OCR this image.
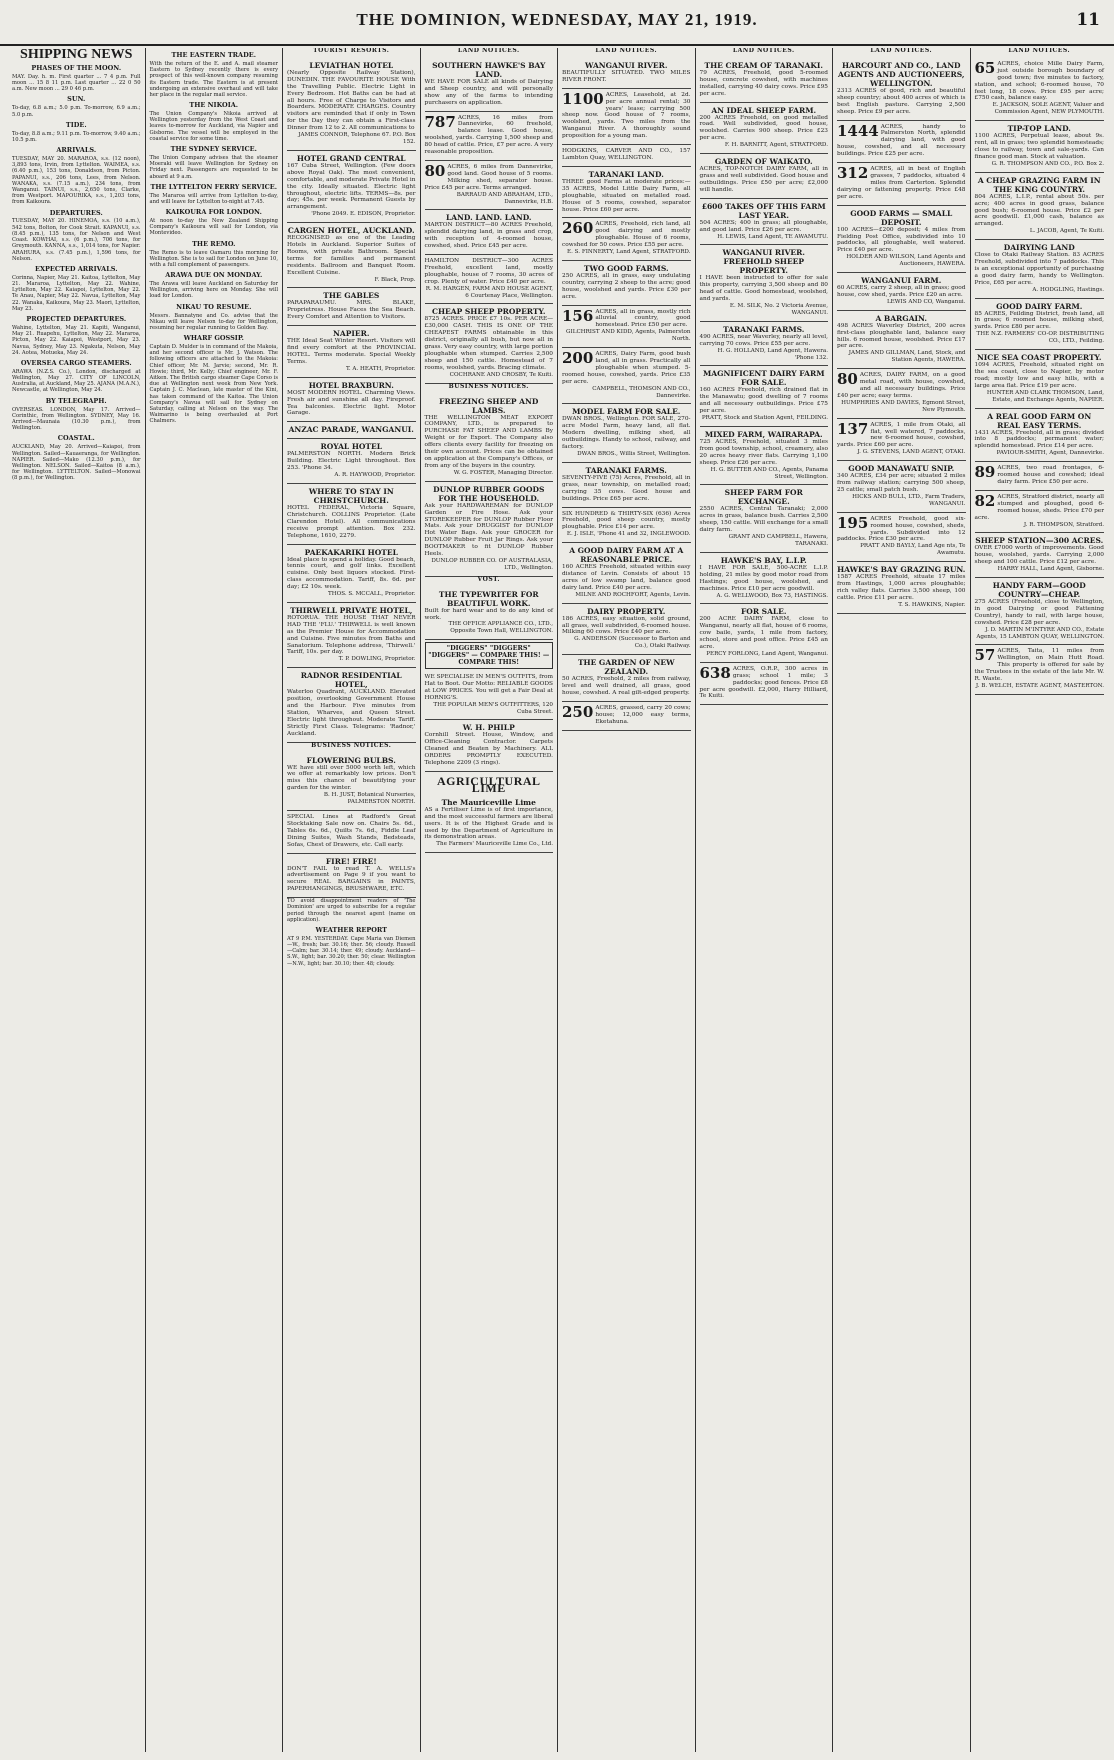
THE DOMINION, WEDNESDAY, MAY 21, 1919.	11
SHIPPING NEWS
PHASES OF THE MOON.
MAY. Day. h. m. First quarter ... 7 4 p.m. Full moon ... 15 8 11 p.m. Last quarter ... 22 0 50 a.m. New moon ... 29 0 46 p.m.
SUN.
To-day, 6.8 a.m.; 5.0 p.m. To-morrow, 6.9 a.m.; 5.0 p.m.
TIDE.
To-day, 8.8 a.m.; 9.11 p.m. To-morrow, 9.40 a.m.; 10.5 p.m.
ARRIVALS.
TUESDAY, MAY 20. MARAROA, s.s. (12 noon), 3,893 tons, Irvin, from Lyttelton. WAIMEA, s.s. (6.40 p.m.), 153 tons, Donaldson, from Picton. PAPANUI, s.s., 206 tons, Lees, from Nelson. WANAKA, s.s. (7.15 a.m.), 234 tons, from Wanganui. TAINUI, s.s., 2,650 tons, Clarke, from Westport. MAPOURIKA, s.s., 1,203 tons, from Kaikoura.
DEPARTURES.
TUESDAY, MAY 20. HINEMOA, s.s. (10 a.m.), 542 tons, Bolton, for Cook Strait. KAPANUI, s.s. (8.45 p.m.), 135 tons, for Nelson and West Coast. KOWHAI, s.s. (6 p.m.), 706 tons, for Greymouth. KANNA, s.s., 1,014 tons, for Napier. ARAHURA, s.s. (7.45 p.m.), 1,596 tons, for Nelson.
EXPECTED ARRIVALS.
Corinna, Napier, May 21. Kaitoa, Lyttelton, May 21. Mararoa, Lyttelton, May 22. Wahine, Lyttelton, May 22. Kaiapoi, Lyttelton, May 22. Te Anau, Napier, May 22. Navua, Lyttelton, May 22. Wanaka, Kaikoura, May 23. Maori, Lyttelton, May 23.
PROJECTED DEPARTURES.
Wahine, Lyttelton, May 21. Kapiti, Wanganui, May 21. Ruapehu, Lyttelton, May 22. Mararoa, Picton, May 22. Kaiapoi, Westport, May 23. Navua, Sydney, May 23. Ngakuta, Nelson, May 24. Aotea, Motueka, May 24.
OVERSEA CARGO STEAMERS.
ARAWA (N.Z.S. Co.), London, discharged at Wellington, May 27. CITY OF LINCOLN, Australia, at Auckland, May 25. AJANA (M.A.N.), Newcastle, at Wellington, May 24.
BY TELEGRAPH.
OVERSEAS. LONDON, May 17. Arrived—Corinthic, from Wellington. SYDNEY, May 16. Arrived—Maunaia (10.30 p.m.), from Wellington.
COASTAL.
AUCKLAND, May 20. Arrived—Kaiapoi, from Wellington. Sailed—Kauaeranga, for Wellington. NAPIER. Sailed—Mako (12.30 p.m.), for Wellington. NELSON. Sailed—Kaitoa (8 a.m.), for Wellington. LYTTELTON. Sailed—Monowai (8 p.m.), for Wellington.
THE EASTERN TRADE.
With the return of the E. and A. mail steamer Eastern to Sydney recently there is every prospect of this well-known company resuming its Eastern trade. The Eastern is at present undergoing an extensive overhaul and will take her place in the regular mail service.
THE NIKOIA.
The Union Company's Nikoia arrived at Wellington yesterday from the West Coast and leaves to-morrow for Auckland, via Napier and Gisborne. The vessel will be employed in the coastal service for some time.
THE SYDNEY SERVICE.
The Union Company advises that the steamer Moeraki will leave Wellington for Sydney on Friday next. Passengers are requested to be aboard at 9 a.m.
THE LYTTELTON FERRY SERVICE.
The Mararoa will arrive from Lyttelton to-day, and will leave for Lyttelton to-night at 7.45.
KAIKOURA FOR LONDON.
At noon to-day the New Zealand Shipping Company's Kaikoura will sail for London, via Montevideo.
THE REMO.
The Remo is to leave Oamaru this morning for Wellington. She is to sail for London on June 10, with a full complement of passengers.
ARAWA DUE ON MONDAY.
The Arawa will leave Auckland on Saturday for Wellington, arriving here on Monday. She will load for London.
NIKAU TO RESUME.
Messrs. Bannatyne and Co. advise that the Nikau will leave Nelson to-day for Wellington, resuming her regular running to Golden Bay.
WHARF GOSSIP.
Captain D. Mulder is in command of the Makoia, and her second officer is Mr. J. Watson. The following officers are attached to the Makoia: Chief officer, Mr. M. Jarvie; second, Mr. R. Howie; third, Mr. Kelly; Chief engineer, Mr. F. Aitken. The British cargo steamer Cape Corso is due at Wellington next week from New York. Captain J. C. Maclean, late master of the Kini, has taken command of the Kaitoa. The Union Company's Navua will sail for Sydney on Saturday, calling at Nelson on the way. The Waimarino is being overhauled at Port Chalmers.
TOURIST RESORTS.
LEVIATHAN HOTEL
(Nearly Opposite Railway Station), DUNEDIN. THE FAVOURITE HOUSE With the Travelling Public. Electric Light in Every Bedroom. Hot Baths can be had at all hours. Free of Charge to Visitors and Boarders. MODERATE CHARGES. Country visitors are reminded that if only in Town for the Day they can obtain a First-class Dinner from 12 to 2. All communications to
JAMES CONNOR, Telephone 67. P.O. Box 152.
HOTEL GRAND CENTRAL
167 Cuba Street, Wellington. (Few doors above Royal Oak). The most convenient, comfortable, and moderate Private Hotel in the city. Ideally situated. Electric light throughout, electric lifts. TERMS—8s. per day; 45s. per week. Permanent Guests by arrangement.
'Phone 2049. E. EDISON, Proprietor.
CARGEN HOTEL, AUCKLAND.
RECOGNISED as one of the Leading Hotels in Auckland. Superior Suites of Rooms, with private Bathroom. Special terms for families and permanent residents. Ballroom and Banquet Room. Excellent Cuisine.
F. Black, Prop.
THE GABLES
PARAPARAUMU. MRS. BLAKE, Proprietress. House Faces the Sea Beach. Every Comfort and Attention to Visitors.
NAPIER.
THE Ideal Seat Winter Resort. Visitors will find every comfort at the PROVINCIAL HOTEL. Terms moderate. Special Weekly Terms.
T. A. HEATH, Proprietor.
HOTEL BRAXBURN.
MOST MODERN HOTEL. Charming Views. Fresh air and sunshine all day. Fireproof. Tea balconies. Electric light. Motor Garage.
ANZAC PARADE, WANGANUI.
ROYAL HOTEL
PALMERSTON NORTH. Modern Brick Building. Electric Light throughout. Box 253. 'Phone 34.
A. R. HAYWOOD, Proprietor.
WHERE TO STAY IN CHRISTCHURCH.
HOTEL FEDERAL, Victoria Square, Christchurch. COLLINS Proprietor. (Late Clarendon Hotel). All communications receive prompt attention. Box 232. Telephone, 1610, 2279.
PAEKAKARIKI HOTEL
Ideal place to spend a holiday. Good beach, tennis court, and golf links. Excellent cuisine. Only best liquors stocked. First-class accommodation. Tariff, 8s. 6d. per day; £2 10s. week.
THOS. S. MCCALL, Proprietor.
THIRWELL PRIVATE HOTEL,
ROTORUA. THE HOUSE THAT NEVER HAD THE 'FLU.' THIRWELL is well known as the Premier House for Accommodation and Cuisine. Five minutes from Baths and Sanatorium. Telephone address, 'Thirwell.' Tariff, 10s. per day.
T. P. DOWLING, Proprietor.
RADNOR RESIDENTIAL HOTEL,
Waterloo Quadrant, AUCKLAND. Elevated position, overlooking Government House and the Harbour. Five minutes from Station, Wharves, and Queen Street. Electric light throughout. Moderate Tariff. Strictly First Class. Telegrams: 'Radnor,' Auckland.
BUSINESS NOTICES.
FLOWERING BULBS.
WE have still over 5000 worth left, which we offer at remarkably low prices. Don't miss this chance of beautifying your garden for the winter.
B. H. JUST, Botanical Nurseries, PALMERSTON NORTH.
SPECIAL Lines at Radford's Great Stocktaking Sale now on. Chairs 5s. 6d., Tables 6s. 6d., Quilts 7s. 6d., Fiddle Leaf Dining Suites, Wash Stands, Bedsteads, Sofas, Chest of Drawers, etc. Call early.
FIRE! FIRE!
DON'T FAIL to read T. A. WELLS's advertisement on Page 9 if you want to secure REAL BARGAINS in PAINTS, PAPERHANGINGS, BRUSHWARE, ETC.
TO avoid disappointment readers of 'The Dominion' are urged to subscribe for a regular period through the nearest agent (name on application).
WEATHER REPORT
AT 9 P.M. YESTERDAY. Cape Maria van Diemen—W., fresh; bar. 30.16; ther. 56; cloudy. Russell—Calm; bar. 30.14; ther. 49; cloudy. Auckland—S.W., light; bar. 30.20; ther. 50; clear. Wellington—N.W., light; bar. 30.10; ther. 48; cloudy.
LAND NOTICES.
SOUTHERN HAWKE'S BAY LAND.
WE HAVE FOR SALE all kinds of Dairying and Sheep country, and will personally show any of the farms to intending purchasers on application.
787 ACRES, 16 miles from Dannevirke, 60 freehold, balance lease. Good house, woolshed, yards. Carrying 1,500 sheep and 80 head of cattle. Price, £7 per acre. A very reasonable proposition.
80 ACRES, 6 miles from Dannevirke, good land. Good house of 5 rooms. Milking shed, separator house. Price £45 per acre. Terms arranged.
BARRAUD AND ABRAHAM, LTD., Dannevirke, H.B.
LAND. LAND. LAND.
MARTON DISTRICT—80 ACRES Freehold, splendid dairying land, in grass and crop, with reception of 4-roomed house, cowshed, shed. Price £45 per acre.
HAMILTON DISTRICT—300 ACRES Freehold, excellent land, mostly ploughable, house of 7 rooms, 30 acres of crop. Plenty of water. Price £40 per acre.
R. M. HARGEN, FARM AND HOUSE AGENT, 6 Courtenay Place, Wellington.
CHEAP SHEEP PROPERTY.
8725 ACRES. PRICE £7 10s. PER ACRE—£30,000 CASH. THIS IS ONE OF THE CHEAPEST FARMS obtainable in this district, originally all bush, but now all in grass. Very easy country, with large portion ploughable when stumped. Carries 2,500 sheep and 150 cattle. Homestead of 7 rooms, woolshed, yards. Bracing climate.
COCHRANE AND CROSBY, Te Kuiti.
BUSINESS NOTICES.
FREEZING SHEEP AND LAMBS.
THE WELLINGTON MEAT EXPORT COMPANY, LTD., is prepared to PURCHASE FAT SHEEP AND LAMBS By Weight or for Export. The Company also offers clients every facility for freezing on their own account. Prices can be obtained on application at the Company's Offices, or from any of the buyers in the country.
W. G. FOSTER, Managing Director.
DUNLOP RUBBER GOODS FOR THE HOUSEHOLD.
Ask your HARDWAREMAN for DUNLOP Garden or Fire Hose. Ask your STOREKEEPER for DUNLOP Rubber Floor Mats. Ask your DRUGGIST for DUNLOP Hot Water Bags. Ask your GROCER for DUNLOP Rubber Fruit Jar Rings. Ask your BOOTMAKER to fit DUNLOP Rubber Heels.
DUNLOP RUBBER CO. OF AUSTRALASIA, LTD., Wellington.
VOST.
THE TYPEWRITER FOR BEAUTIFUL WORK.
Built for hard wear and to do any kind of work.
THE OFFICE APPLIANCE CO., LTD., Opposite Town Hall, WELLINGTON.
"DIGGERS" "DIGGERS" "DIGGERS" — COMPARE THIS! — COMPARE THIS!
WE SPECIALISE IN MEN'S OUTFITS, from Hat to Boot. Our Motto: RELIABLE GOODS at LOW PRICES. You will get a Fair Deal at HORNIG'S.
THE POPULAR MEN'S OUTFITTERS, 120 Cuba Street.
W. H. PHILP
Cornhill Street. House, Window, and Office-Cleaning Contractor. Carpets Cleaned and Beaten by Machinery. ALL ORDERS PROMPTLY EXECUTED. Telephone 2209 (3 rings).
AGRICULTURAL LIME
The Mauriceville Lime
AS a Fertiliser Lime is of first importance, and the most successful farmers are liberal users. It is of the Highest Grade and is used by the Department of Agriculture in its demonstration areas.
The Farmers' Mauriceville Lime Co., Ltd.
LAND NOTICES.
WANGANUI RIVER.
BEAUTIFULLY SITUATED. TWO MILES RIVER FRONT.
1100 ACRES, Leasehold, at 2d. per acre annual rental; 30 years' lease; carrying 500 sheep now. Good house of 7 rooms, woolshed, yards. Two miles from the Wanganui River. A thoroughly sound proposition for a young man.
HODGKINS, CARVER AND CO., 157 Lambton Quay, WELLINGTON.
TARANAKI LAND.
THREE good Farms at moderate prices:— 35 ACRES, Model Little Dairy Farm, all ploughable, situated on metalled road. House of 5 rooms, cowshed, separator house. Price £60 per acre.
260 ACRES, Freehold, rich land, all good dairying and mostly ploughable. House of 6 rooms, cowshed for 50 cows. Price £55 per acre.
E. S. FINNERTY, Land Agent, STRATFORD.
TWO GOOD FARMS.
250 ACRES, all in grass, easy undulating country, carrying 2 sheep to the acre; good house, woolshed and yards. Price £30 per acre.
156 ACRES, all in grass, mostly rich alluvial country, good homestead. Price £50 per acre.
GILCHRIST AND KIDD, Agents, Palmerston North.
200 ACRES, Dairy Farm, good bush land, all in grass. Practically all ploughable when stumped. 5-roomed house, cowshed, yards. Price £35 per acre.
CAMPBELL, THOMSON AND CO., Dannevirke.
MODEL FARM FOR SALE.
DWAN BROS., Wellington. FOR SALE, 270-acre Model Farm, heavy land, all flat. Modern dwelling, milking shed, all outbuildings. Handy to school, railway, and factory.
DWAN BROS., Willis Street, Wellington.
TARANAKI FARMS.
SEVENTY-FIVE (75) Acres, Freehold, all in grass, near township, on metalled road; carrying 35 cows. Good house and buildings. Price £65 per acre.
SIX HUNDRED & THIRTY-SIX (636) Acres Freehold, good sheep country, mostly ploughable. Price £14 per acre.
E. J. ISLE, 'Phone 41 and 32, INGLEWOOD.
A GOOD DAIRY FARM AT A REASONABLE PRICE.
160 ACRES Freehold, situated within easy distance of Levin. Consists of about 15 acres of low swamp land, balance good dairy land. Price £40 per acre.
MILNE AND ROCHFORT, Agents, Levin.
DAIRY PROPERTY.
186 ACRES, easy situation, solid ground, all grass, well subdivided, 6-roomed house. Milking 60 cows. Price £40 per acre.
G. ANDERSON (Successor to Barton and Co.), Otaki Railway.
THE GARDEN OF NEW ZEALAND.
50 ACRES, Freehold, 2 miles from railway, level and well drained, all grass, good house, cowshed. A real gilt-edged property.
250 ACRES, grassed, carry 20 cows; house; 12,000 easy terms, Eketahuna.
LAND NOTICES.
THE CREAM OF TARANAKI.
79 ACRES, Freehold, good 5-roomed house, concrete cowshed, with machines installed, carrying 40 dairy cows. Price £95 per acre.
AN IDEAL SHEEP FARM.
200 ACRES Freehold, on good metalled road. Well subdivided, good house, woolshed. Carries 900 sheep. Price £23 per acre.
F. H. BARNITT, Agent, STRATFORD.
GARDEN OF WAIKATO.
ACRES, TOP-NOTCH DAIRY FARM, all in grass and well subdivided. Good house and outbuildings. Price £50 per acre; £2,000 will handle.
£600 TAKES OFF THIS FARM LAST YEAR.
504 ACRES; 400 in grass; all ploughable, and good land. Price £26 per acre.
H. LEWIS, Land Agent, TE AWAMUTU.
WANGANUI RIVER. FREEHOLD SHEEP PROPERTY.
I HAVE been instructed to offer for sale this property, carrying 3,500 sheep and 80 head of cattle. Good homestead, woolshed, and yards.
E. M. SILK, No. 2 Victoria Avenue, WANGANUI.
TARANAKI FARMS.
490 ACRES, near Waverley, nearly all level, carrying 70 cows. Price £55 per acre.
H. G. HOLLAND, Land Agent, Hawera. 'Phone 132.
MAGNIFICENT DAIRY FARM FOR SALE.
160 ACRES Freehold, rich drained flat in the Manawatu; good dwelling of 7 rooms and all necessary outbuildings. Price £75 per acre.
PRATT, Stock and Station Agent, FEILDING.
MIXED FARM, WAIRARAPA.
725 ACRES, Freehold, situated 3 miles from good township, school, creamery, also 20 acres heavy river flats. Carrying 1,100 sheep. Price £26 per acre.
H. G. BUTTER AND CO., Agents, Panama Street, Wellington.
SHEEP FARM FOR EXCHANGE.
2550 ACRES, Central Taranaki; 2,000 acres in grass, balance bush. Carries 2,500 sheep, 150 cattle. Will exchange for a small dairy farm.
GRANT AND CAMPBELL, Hawera, TARANAKI.
HAWKE'S BAY, L.I.P.
I HAVE FOR SALE, 500-ACRE L.I.P. holding, 21 miles by good motor road from Hastings; good house, woolshed, and machines. Price £10 per acre goodwill.
A. G. WELLWOOD, Box 73, HASTINGS.
FOR SALE.
200 ACRE DAIRY FARM, close to Wanganui, nearly all flat, house of 6 rooms, cow baile, yards, 1 mile from factory, school, store and post office. Price £45 an acre.
PERCY FORLONG, Land Agent, Wanganui.
638 ACRES, O.R.P., 300 acres in grass; school 1 mile; 3 paddocks; good fences. Price £8 per acre goodwill. £2,000, Harry Hilliard, Te Kuiti.
LAND NOTICES.
HARCOURT AND CO., LAND AGENTS AND AUCTIONEERS, WELLINGTON.
2313 ACRES of good, rich and beautiful sheep country; about 400 acres of which is best English pasture. Carrying 2,500 sheep. Price £9 per acre.
1444 ACRES, handy to Palmerston North, splendid dairying land, with good house, cowshed, and all necessary buildings. Price £25 per acre.
312 ACRES, all in best of English grasses, 7 paddocks, situated 4 miles from Carterton. Splendid dairying or fattening property. Price £48 per acre.
GOOD FARMS — SMALL DEPOSIT.
100 ACRES—£200 deposit; 4 miles from Fielding Post Office, subdivided into 10 paddocks, all ploughable, well watered. Price £40 per acre.
HOLDER AND WILSON, Land Agents and Auctioneers, HAWERA.
WANGANUI FARM.
60 ACRES, carry 2 sheep, all in grass; good house, cow shed, yards. Price £20 an acre.
LEWIS AND CO, Wanganui.
A BARGAIN.
498 ACRES Waverley District, 200 acres first-class ploughable land, balance easy hills. 6 roomed house, woolshed. Price £17 per acre.
JAMES AND GILLMAN, Land, Stock, and Station Agents, HAWERA.
80 ACRES, DAIRY FARM, on a good metal road, with house, cowshed, and all necessary buildings. Price £40 per acre; easy terms.
HUMPHRIES AND DAVIES, Egmont Street, New Plymouth.
137 ACRES, 1 mile from Otaki, all flat, well watered, 7 paddocks, new 6-roomed house, cowshed, yards. Price £60 per acre.
J. G. STEVENS, LAND AGENT, OTAKI.
GOOD MANAWATU SNIP.
340 ACRES, £34 per acre; situated 2 miles from railway station; carrying 500 sheep, 25 cattle; small patch bush.
HICKS AND BULL, LTD., Farm Traders, WANGANUI.
195 ACRES Freehold, good six-roomed house, cowshed, sheds, yards. Subdivided into 12 paddocks. Price £30 per acre.
PRATT AND BAYLY, Land Age nts, Te Awamutu.
HAWKE'S BAY GRAZING RUN.
1587 ACRES Freehold, situate 17 miles from Hastings, 1,000 acres ploughable; rich valley flats. Carries 3,500 sheep, 100 cattle. Price £11 per acre.
T. S. HAWKINS, Napier.
LAND NOTICES.
65 ACRES, choice Mille Dairy Farm, just outside borough boundary of good town; five minutes to factory, station, and school; 6-roomed house, 70 feet long, 18 cows. Price £95 per acre; £750 cash, balance easy.
E. JACKSON, SOLE AGENT, Valuer and Commission Agent, NEW PLYMOUTH.
TIP-TOP LAND.
1100 ACRES, Perpetual lease, about 9s. rent, all in grass; two splendid homesteads; close to railway, town and sale-yards. Can finance good man. Stock at valuation.
G. R. THOMPSON AND CO., P.O. Box 2.
A CHEAP GRAZING FARM IN THE KING COUNTRY.
804 ACRES, L.I.P., rental about 50s. per acre; 400 acres in good grass, balance good bush; 6-roomed house. Price £2 per acre goodwill. £1,000 cash, balance as arranged.
L. JACOB, Agent, Te Kuiti.
DAIRYING LAND
Close to Otaki Railway Station. 83 ACRES Freehold, subdivided into 7 paddocks. This is an exceptional opportunity of purchasing a good dairy farm, handy to Wellington. Price, £65 per acre.
A. HODGLING, Hastings.
GOOD DAIRY FARM.
85 ACRES, Feilding District, fresh land, all in grass; 6 roomed house, milking shed, yards. Price £80 per acre.
THE N.Z. FARMERS' CO-OP. DISTRIBUTING CO., LTD., Feilding.
NICE SEA COAST PROPERTY.
1094 ACRES, Freehold, situated right on the sea coast, close to Napier, by motor road; mostly low and easy hills, with a large area flat. Price £19 per acre.
HUNTER AND CLARK THOMSON, Land, Estate, and Exchange Agents, NAPIER.
A REAL GOOD FARM ON REAL EASY TERMS.
1431 ACRES, Freehold, all in grass; divided into 8 paddocks; permanent water; splendid homestead. Price £14 per acre.
PAVIOUR-SMITH, Agent, Dannevirke.
89 ACRES, two road frontages, 6-roomed house and cowshed; ideal dairy farm. Price £50 per acre.
82 ACRES, Stratford district, nearly all stumped and ploughed, good 6-roomed house, sheds. Price £70 per acre.
J. R. THOMPSON, Stratford.
SHEEP STATION—300 ACRES.
OVER £7000 worth of improvements. Good house, woolshed, yards. Carrying 2,000 sheep and 100 cattle. Price £12 per acre.
HARRY HALL, Land Agent, Gisborne.
HANDY FARM—GOOD COUNTRY—CHEAP.
275 ACRES (Freehold, close to Wellington, in good Dairying or good Fattening Country), handy to rail, with large house, cowshed. Price £28 per acre.
J. D. MARTIN M'INTYRE AND CO., Estate Agents, 15 LAMBTON QUAY, WELLINGTON.
57 ACRES, Taita, 11 miles from Wellington, on Main Hutt Road. This property is offered for sale by the Trustees in the estate of the late Mr. W. R. Waste.
J. B. WELCH, ESTATE AGENT, MASTERTON.
